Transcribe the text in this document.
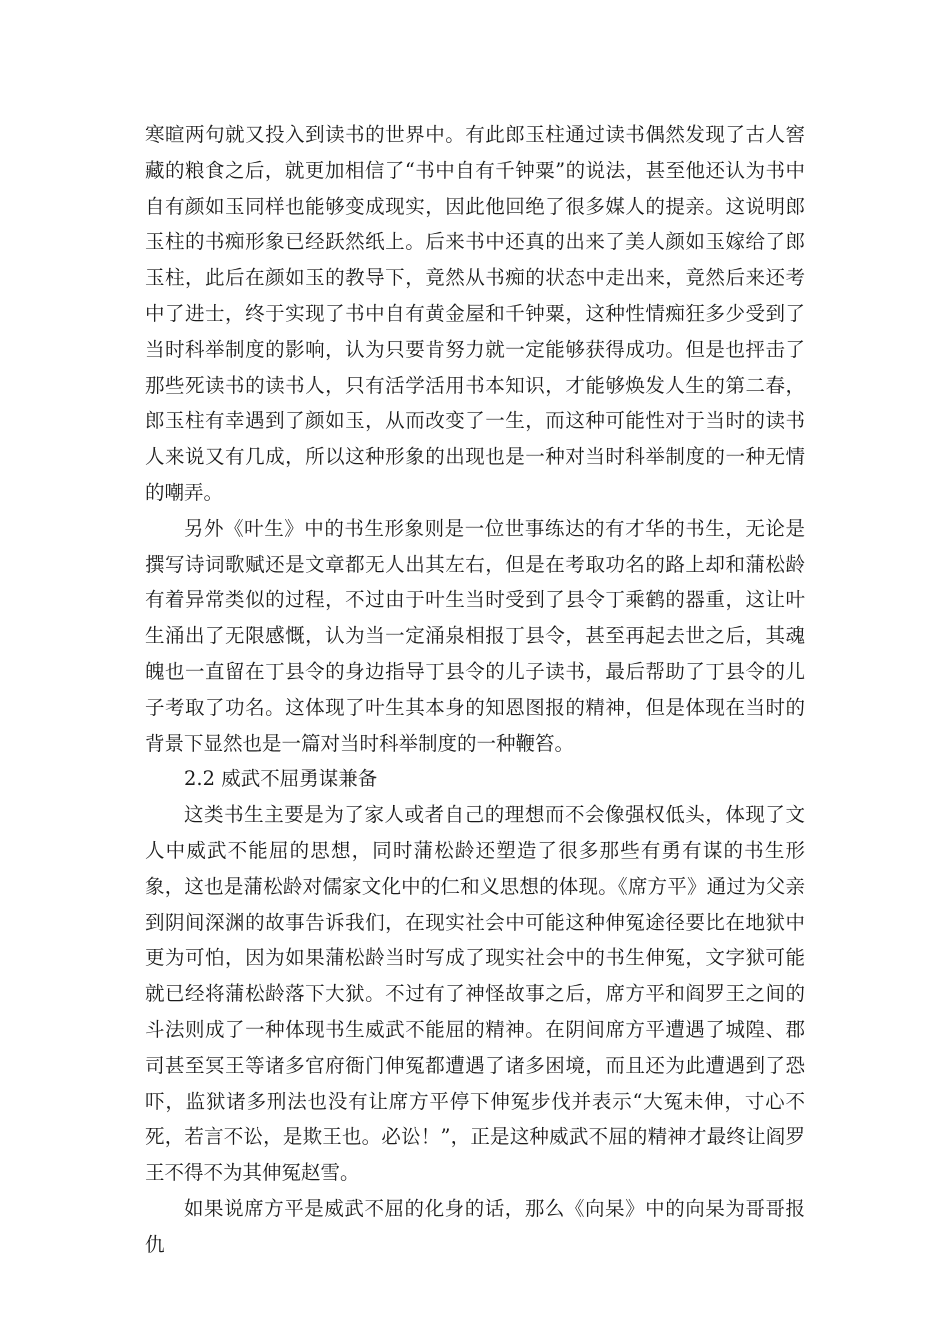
寒暄两句就又投入到读书的世界中。有此郎玉柱通过读书偶然发现了古人窖藏的粮食之后，就更加相信了“书中自有千钟粟”的说法，甚至他还认为书中自有颜如玉同样也能够变成现实，因此他回绝了很多媒人的提亲。这说明郎玉柱的书痴形象已经跃然纸上。后来书中还真的出来了美人颜如玉嫁给了郎玉柱，此后在颜如玉的教导下，竟然从书痴的状态中走出来，竟然后来还考中了进士，终于实现了书中自有黄金屋和千钟粟，这种性情痴狂多少受到了当时科举制度的影响，认为只要肯努力就一定能够获得成功。但是也抨击了那些死读书的读书人，只有活学活用书本知识，才能够焕发人生的第二春，郎玉柱有幸遇到了颜如玉，从而改变了一生，而这种可能性对于当时的读书人来说又有几成，所以这种形象的出现也是一种对当时科举制度的一种无情的嘲弄。

另外《叶生》中的书生形象则是一位世事练达的有才华的书生，无论是撰写诗词歌赋还是文章都无人出其左右，但是在考取功名的路上却和蒲松龄有着异常类似的过程，不过由于叶生当时受到了县令丁乘鹤的器重，这让叶生涌出了无限感慨，认为当一定涌泉相报丁县令，甚至再起去世之后，其魂魄也一直留在丁县令的身边指导丁县令的儿子读书，最后帮助了丁县令的儿子考取了功名。这体现了叶生其本身的知恩图报的精神，但是体现在当时的背景下显然也是一篇对当时科举制度的一种鞭笞。

2.2 威武不屈勇谋兼备

这类书生主要是为了家人或者自己的理想而不会像强权低头，体现了文人中威武不能屈的思想，同时蒲松龄还塑造了很多那些有勇有谋的书生形象，这也是蒲松龄对儒家文化中的仁和义思想的体现。《席方平》通过为父亲到阴间深渊的故事告诉我们，在现实社会中可能这种伸冤途径要比在地狱中更为可怕，因为如果蒲松龄当时写成了现实社会中的书生伸冤，文字狱可能就已经将蒲松龄落下大狱。不过有了神怪故事之后，席方平和阎罗王之间的斗法则成了一种体现书生威武不能屈的精神。在阴间席方平遭遇了城隍、郡司甚至冥王等诸多官府衙门伸冤都遭遇了诸多困境，而且还为此遭遇到了恐吓，监狱诸多刑法也没有让席方平停下伸冤步伐并表示“大冤未伸，寸心不死，若言不讼，是欺王也。必讼！”，正是这种威武不屈的精神才最终让阎罗王不得不为其伸冤赵雪。

如果说席方平是威武不屈的化身的话，那么《向杲》中的向杲为哥哥报仇
